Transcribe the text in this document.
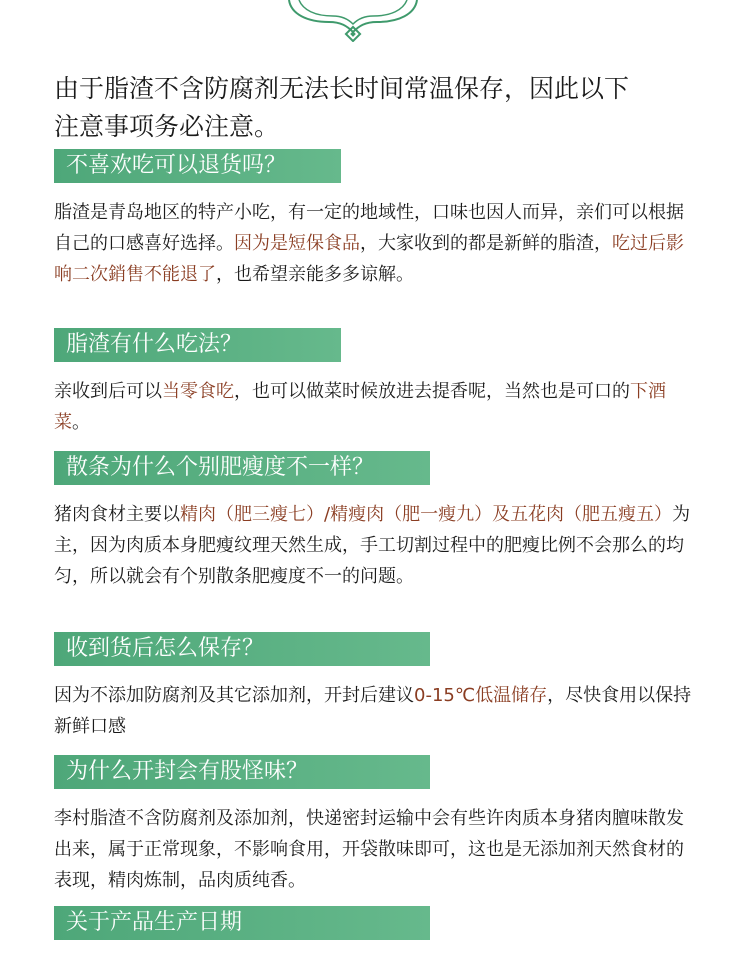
由于脂渣不含防腐剂无法长时间常温保存，因此以下
注意事项务必注意。
不喜欢吃可以退货吗？
脂渣是青岛地区的特产小吃，有一定的地域性，口味也因人而异，亲们可以根据自己的口感喜好选择。因为是短保食品，大家收到的都是新鲜的脂渣，吃过后影响二次銷售不能退了，也希望亲能多多谅解。
脂渣有什么吃法？
亲收到后可以当零食吃，也可以做菜时候放进去提香呢，当然也是可口的下酒菜。
散条为什么个别肥瘦度不一样？
猪肉食材主要以精肉（肥三瘦七）/精瘦肉（肥一瘦九）及五花肉（肥五瘦五）为主，因为肉质本身肥瘦纹理天然生成，手工切割过程中的肥瘦比例不会那么的均匀，所以就会有个别散条肥瘦度不一的问题。
收到货后怎么保存？
因为不添加防腐剂及其它添加剂，开封后建议0-15℃低温储存，尽快食用以保持新鲜口感
为什么开封会有股怪味？
李村脂渣不含防腐剂及添加剂，快递密封运输中会有些许肉质本身猪肉膻味散发出来，属于正常现象，不影响食用，开袋散味即可，这也是无添加剂天然食材的表现，精肉炼制，品肉质纯香。
关于产品生产日期
